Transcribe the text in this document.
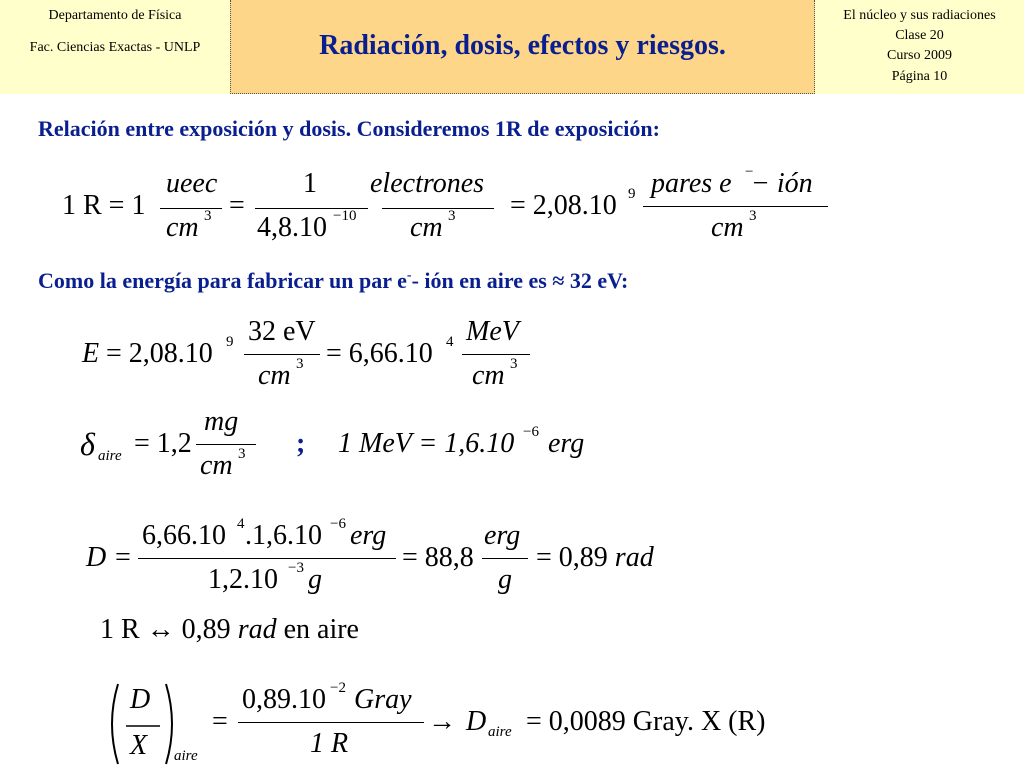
Departamento de Física
Fac. Ciencias Exactas - UNLP	Radiación, dosis, efectos y riesgos.
El núcleo y sus radiaciones
Clase 20
Curso 2009
Página 10
Relación entre exposición y dosis. Consideremos 1R de exposición:
1 R = 1
ueec
cm 3 =
1
4,8.10 −10
electrones
cm 3 = 2,08.10 9 pares e −
− ión
cm 3
Como la energía para fabricar un par e-- ión en aire es ≈ 32 eV:
E = 2,08.10 9 32 eV
cm 3 = 6,66.10 4 MeV
cm 3
δ aire = 1,2
mg
cm 3 ; 1 MeV = 1,6.10 −6 erg
D =
6,66.10 4 .1,6.10 −6 erg
1,2.10 −3 g
= 88,8
erg
g
= 0,89 rad
1 R ↔ 0,89 rad en aire
D
X aire
=
0,89.10 −2 Gray
1 R
→ D aire = 0,0089 Gray. X (R)
